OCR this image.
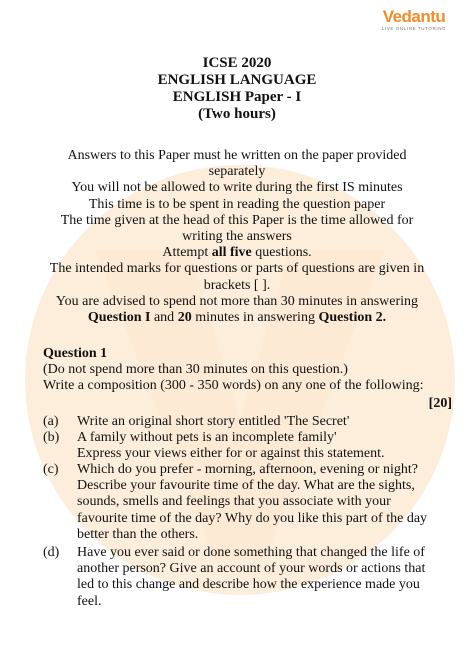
Vedantu
LIVE ONLINE TUTORING
ICSE 2020
ENGLISH LANGUAGE
ENGLISH Paper - I
(Two hours)
Answers to this Paper must he written on the paper provided
separately
You will not be allowed to write during the first IS minutes
This time is to be spent in reading the question paper
The time given at the head of this Paper is the time allowed for
writing the answers
Attempt all five questions.
The intended marks for questions or parts of questions are given in
brackets [ ].
You are advised to spend not more than 30 minutes in answering
Question I and 20 minutes in answering Question 2.
Question 1
(Do not spend more than 30 minutes on this question.)
Write a composition (300 - 350 words) on any one of the following:
[20]
(a) Write an original short story entitled 'The Secret'
(b) A family without pets is an incomplete family'
Express your views either for or against this statement.
(c) Which do you prefer - morning, afternoon, evening or night?
Describe your favourite time of the day. What are the sights,
sounds, smells and feelings that you associate with your
favourite time of the day? Why do you like this part of the day
better than the others.
(d) Have you ever said or done something that changed the life of
another person? Give an account of your words or actions that
led to this change and describe how the experience made you
feel.
